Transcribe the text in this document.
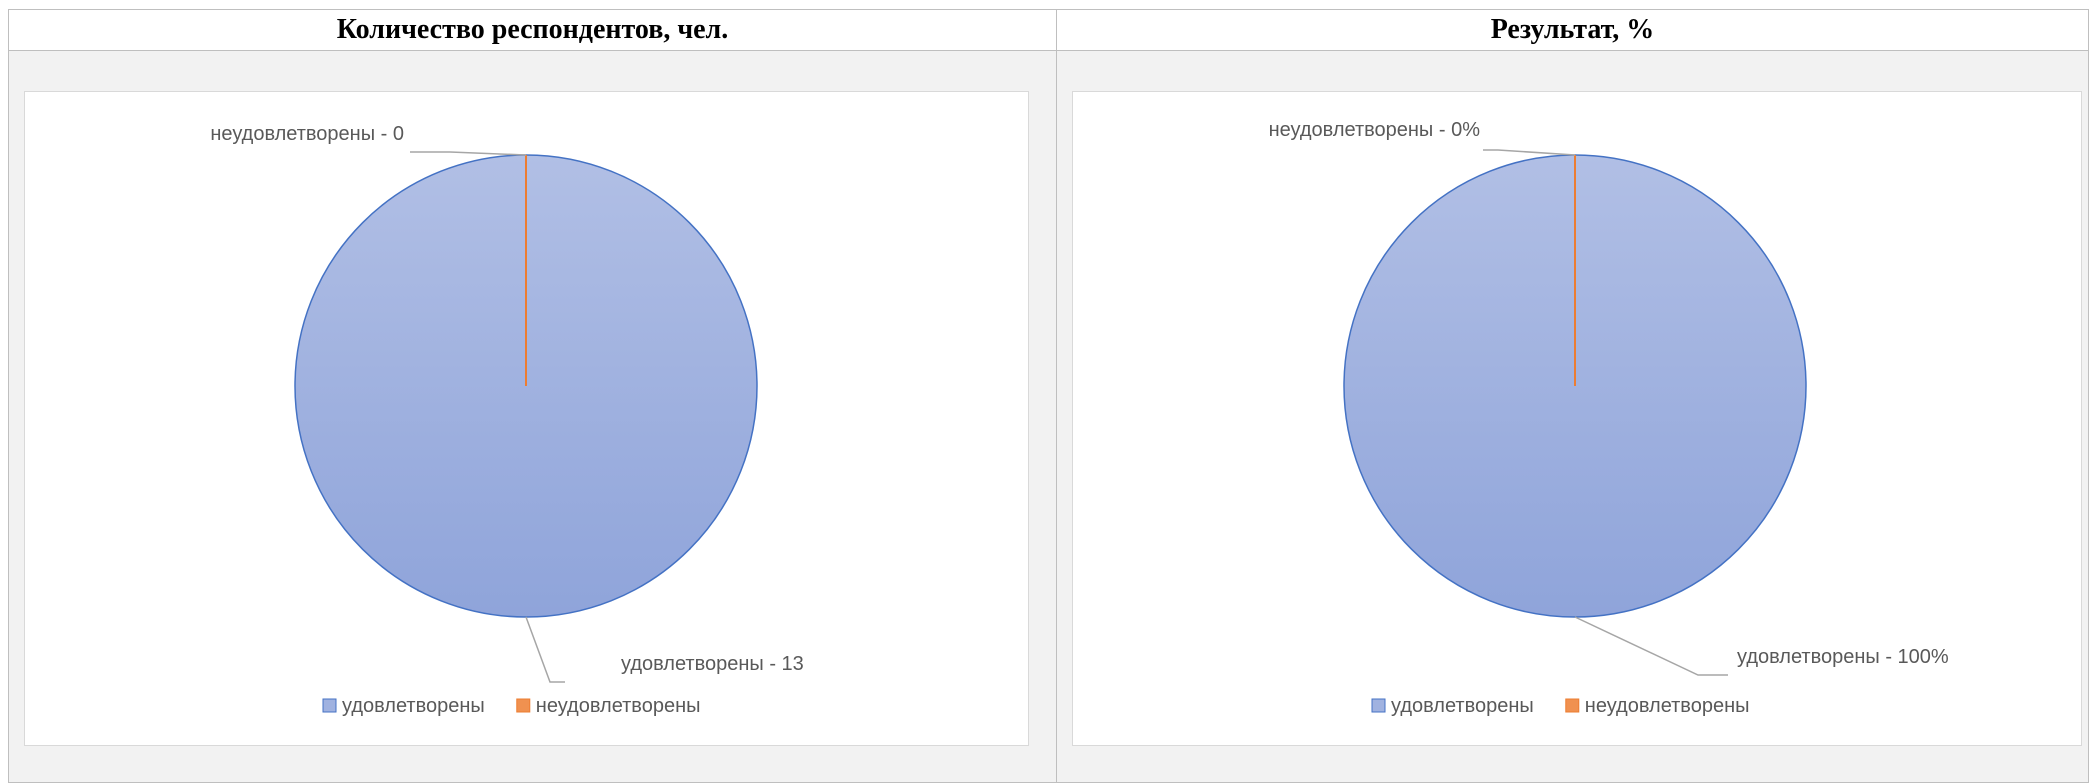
Количество респондентов, чел.	Результат, %
удовлетворены - 13
неудовлетворены - 0
удовлетворены	неудовлетворены
удовлетворены - 100%
неудовлетворены - 0%
удовлетворены	неудовлетворены
